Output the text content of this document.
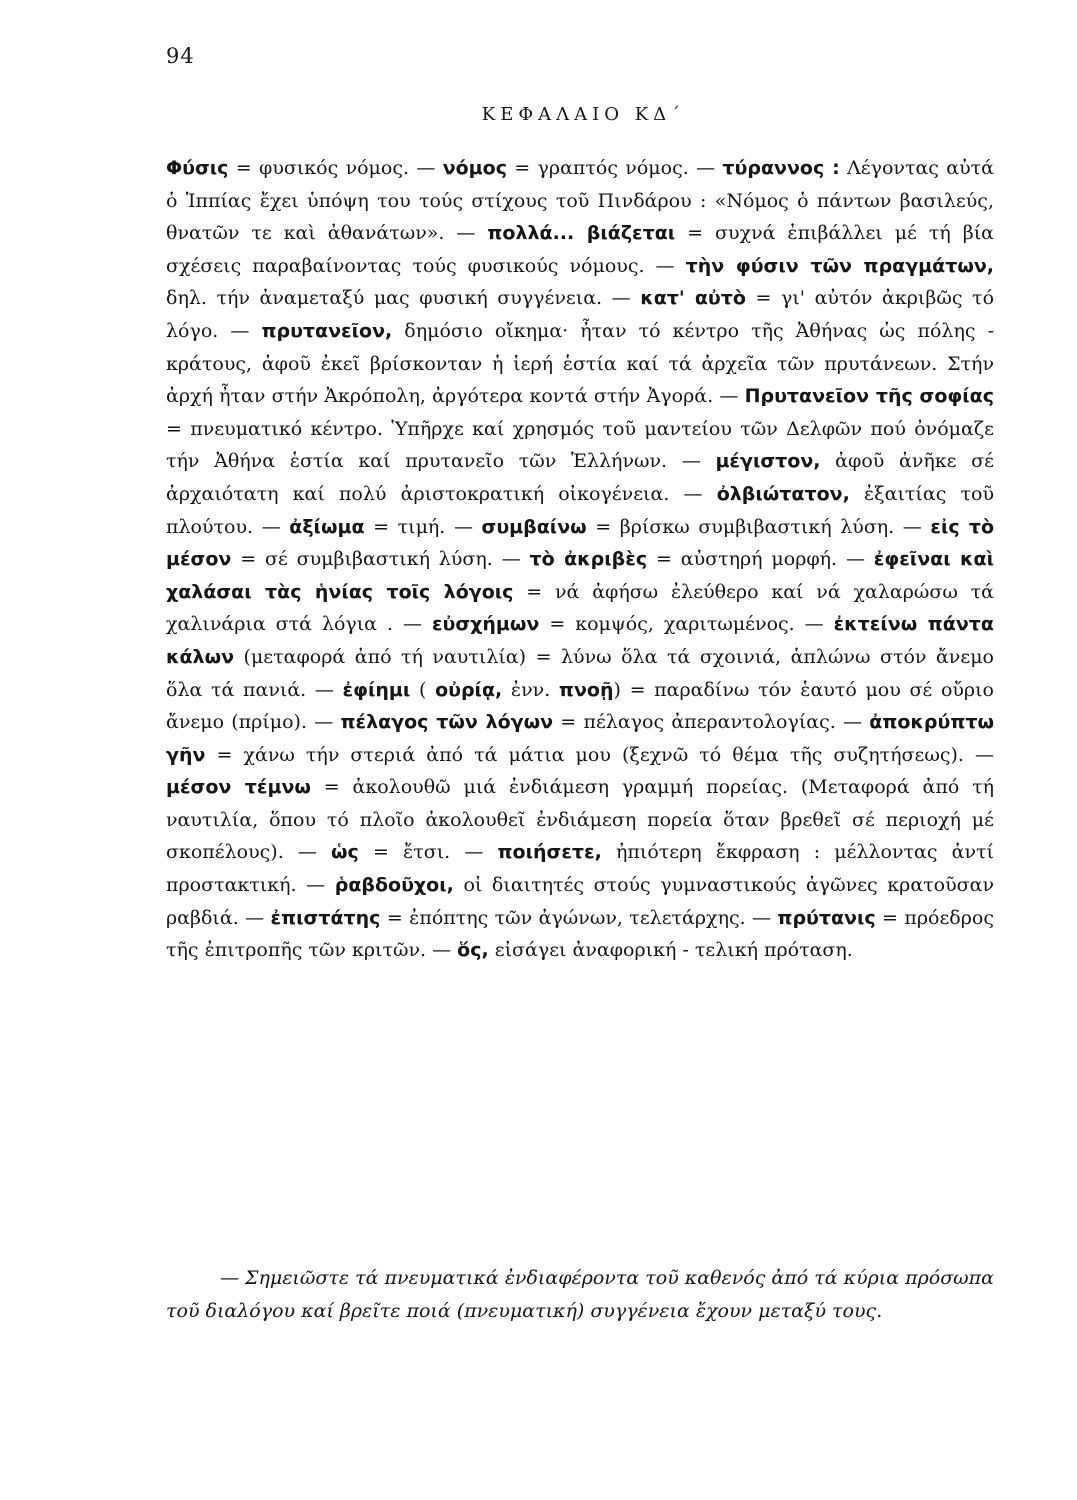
94
ΚΕΦΑΛΑΙΟ ΚΔ΄

Φύσις = φυσικός νόμος. — νόμος = γραπτός νόμος. — τύραννος : Λέγοντας αὐτά ὁ Ἱππίας ἔχει ὑπόψη του τούς στίχους τοῦ Πινδάρου : «Νόμος ὁ πάντων βασιλεύς, θνατῶν τε καὶ ἀθανάτων». — πολλά... βιάζεται = συχνά ἐπιβάλλει μέ τή βία σχέσεις παραβαίνοντας τούς φυσικούς νόμους. — τὴν φύσιν τῶν πραγμάτων, δηλ. τήν ἀναμεταξύ μας φυσική συγγένεια. — κατ' αὐτὸ = γι' αὐτόν ἀκριβῶς τό λόγο. — πρυτανεῖον, δημόσιο οἴκημα· ἦταν τό κέντρο τῆς Ἀθήνας ὡς πόλης - κράτους, ἀφοῦ ἐκεῖ βρίσκονταν ἡ ἱερή ἑστία καί τά ἀρχεῖα τῶν πρυτάνεων. Στήν ἀρχή ἦταν στήν Ἀκρόπολη, ἀργότερα κοντά στήν Ἀγορά. — Πρυτανεῖον τῆς σοφίας = πνευματικό κέντρο. Ὑπῆρχε καί χρησμός τοῦ μαντείου τῶν Δελφῶν πού ὀνόμαζε τήν Ἀθήνα ἑστία καί πρυτανεῖο τῶν Ἑλλήνων. — μέγιστον, ἀφοῦ ἀνῆκε σέ ἀρχαιότατη καί πολύ ἀριστοκρατική οἰκογένεια. — ὀλβιώτατον, ἐξαιτίας τοῦ πλούτου. — ἀξίωμα = τιμή. — συμβαίνω = βρίσκω συμβιβαστική λύση. — εἰς τὸ μέσον = σέ συμβιβαστική λύση. — τὸ ἀκριβὲς = αὐστηρή μορφή. — ἐφεῖναι καὶ χαλάσαι τὰς ἡνίας τοῖς λόγοις = νά ἀφήσω ἐλεύθερο καί νά χαλαρώσω τά χαλινάρια στά λόγια . — εὐσχήμων = κομψός, χαριτωμένος. — ἐκτείνω πάντα κάλων (μεταφορά ἀπό τή ναυτιλία) = λύνω ὅλα τά σχοινιά, ἁπλώνω στόν ἄνεμο ὅλα τά πανιά. — ἐφίημι ( οὐρίᾳ, ἐνν. πνοῇ) = παραδίνω τόν ἑαυτό μου σέ οὔριο ἄνεμο (πρίμο). — πέλαγος τῶν λόγων = πέλαγος ἀπεραντολογίας. — ἀποκρύπτω γῆν = χάνω τήν στεριά ἀπό τά μάτια μου (ξεχνῶ τό θέμα τῆς συζητήσεως). — μέσον τέμνω = ἀκολουθῶ μιά ἐνδιάμεση γραμμή πορείας. (Μεταφορά ἀπό τή ναυτιλία, ὅπου τό πλοῖο ἀκολουθεῖ ἐνδιάμεση πορεία ὅταν βρεθεῖ σέ περιοχή μέ σκοπέλους). — ὡς = ἔτσι. — ποιήσετε, ἠπιότερη ἔκφραση : μέλλοντας ἀντί προστακτική. — ῥαβδοῦχοι, οἱ διαιτητές στούς γυμναστικούς ἀγῶνες κρατοῦσαν ραβδιά. — ἐπιστάτης = ἐπόπτης τῶν ἀγώνων, τελετάρχης. — πρύτανις = πρόεδρος τῆς ἐπιτροπῆς τῶν κριτῶν. — ὅς, εἰσάγει ἀναφορική - τελική πρόταση.

— Σημειῶστε τά πνευματικά ἐνδιαφέροντα τοῦ καθενός ἀπό τά κύρια πρόσωπα τοῦ διαλόγου καί βρεῖτε ποιά (πνευματική) συγγένεια ἔχουν μεταξύ τους.
